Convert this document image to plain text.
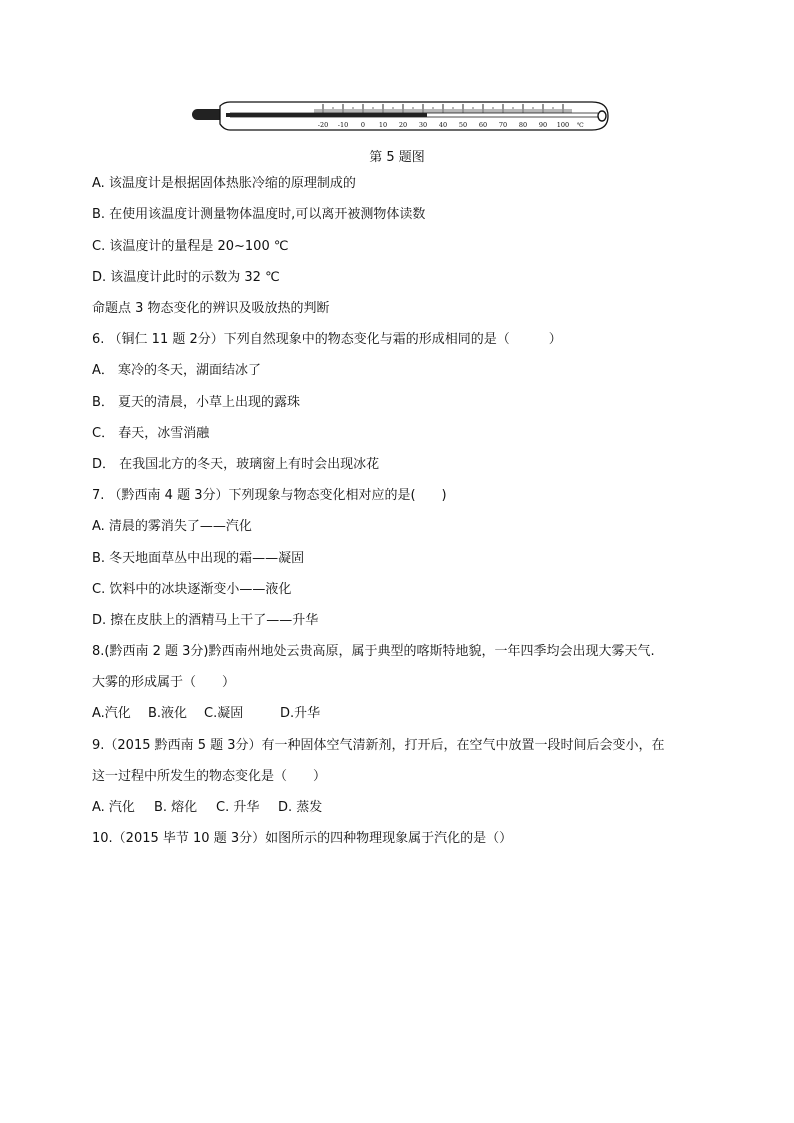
-20 -10 0 10 20 30 40 50 60 70 80 90 100 ℃
第 5 题图
A. 该温度计是根据固体热胀冷缩的原理制成的
B. 在使用该温度计测量物体温度时,可以离开被测物体读数
C. 该温度计的量程是 20~100 ℃
D. 该温度计此时的示数为 32 ℃
命题点 3 物态变化的辨识及吸放热的判断
6. （铜仁 11 题 2分）下列自然现象中的物态变化与霜的形成相同的是（　　　）
A． 寒冷的冬天，湖面结冰了
B． 夏天的清晨，小草上出现的露珠
C． 春天，冰雪消融
D． 在我国北方的冬天，玻璃窗上有时会出现冰花
7. （黔西南 4 题 3分）下列现象与物态变化相对应的是(　　)
A. 清晨的雾消失了——汽化
B. 冬天地面草丛中出现的霜——凝固
C. 饮料中的冰块逐渐变小——液化
D. 擦在皮肤上的酒精马上干了——升华
8.(黔西南 2 题 3分)黔西南州地处云贵高原，属于典型的喀斯特地貌，一年四季均会出现大雾天气.
大雾的形成属于（　　）
A.汽化 B.液化 C.凝固	D.升华
9.（2015 黔西南 5 题 3分）有一种固体空气清新剂，打开后，在空气中放置一段时间后会变小，在
这一过程中所发生的物态变化是（　　）
A. 汽化 B. 熔化 C. 升华 D. 蒸发
10.（2015 毕节 10 题 3分）如图所示的四种物理现象属于汽化的是（）
